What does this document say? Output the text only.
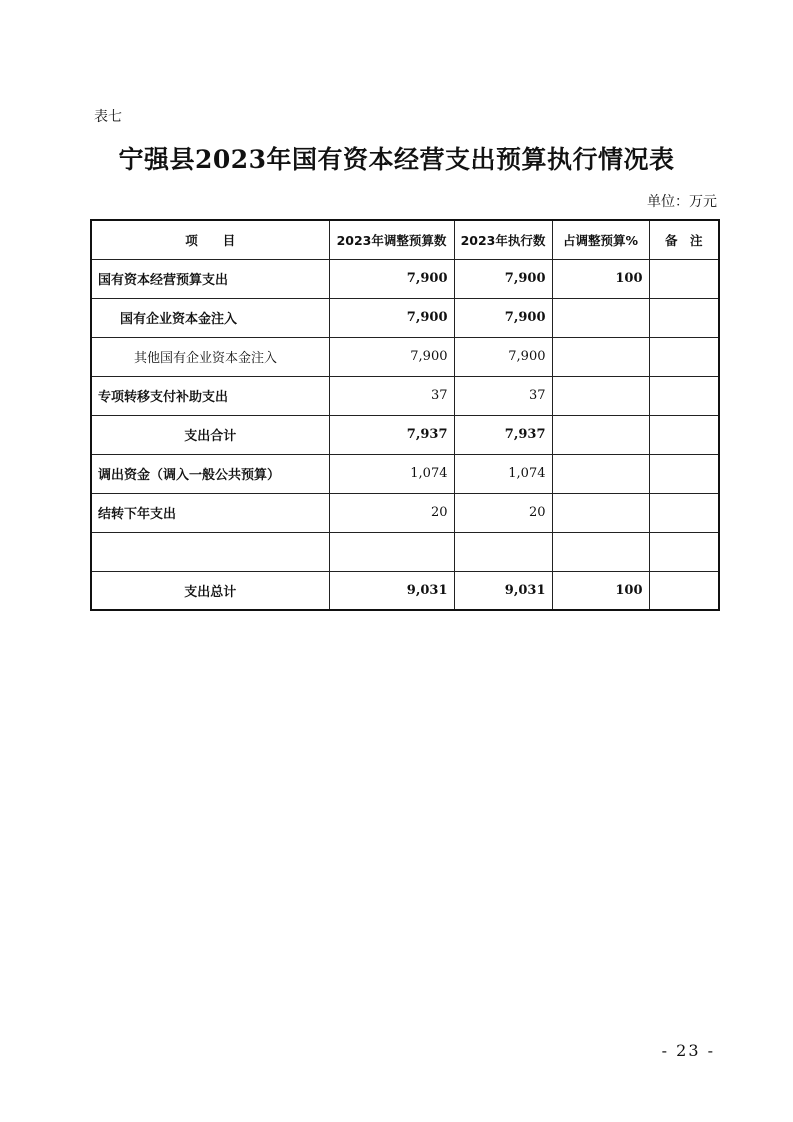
表七
宁强县2023年国有资本经营支出预算执行情况表
单位：万元
项　　目	2023年调整预算数	2023年执行数	占调整预算%	备　注
国有资本经营预算支出	7,900	7,900	100	
国有企业资本金注入	7,900	7,900		
其他国有企业资本金注入	7,900	7,900		
专项转移支付补助支出	37	37		
支出合计	7,937	7,937		
调出资金（调入一般公共预算）	1,074	1,074		
结转下年支出	20	20		

支出总计	9,031	9,031	100	
- 23 -
